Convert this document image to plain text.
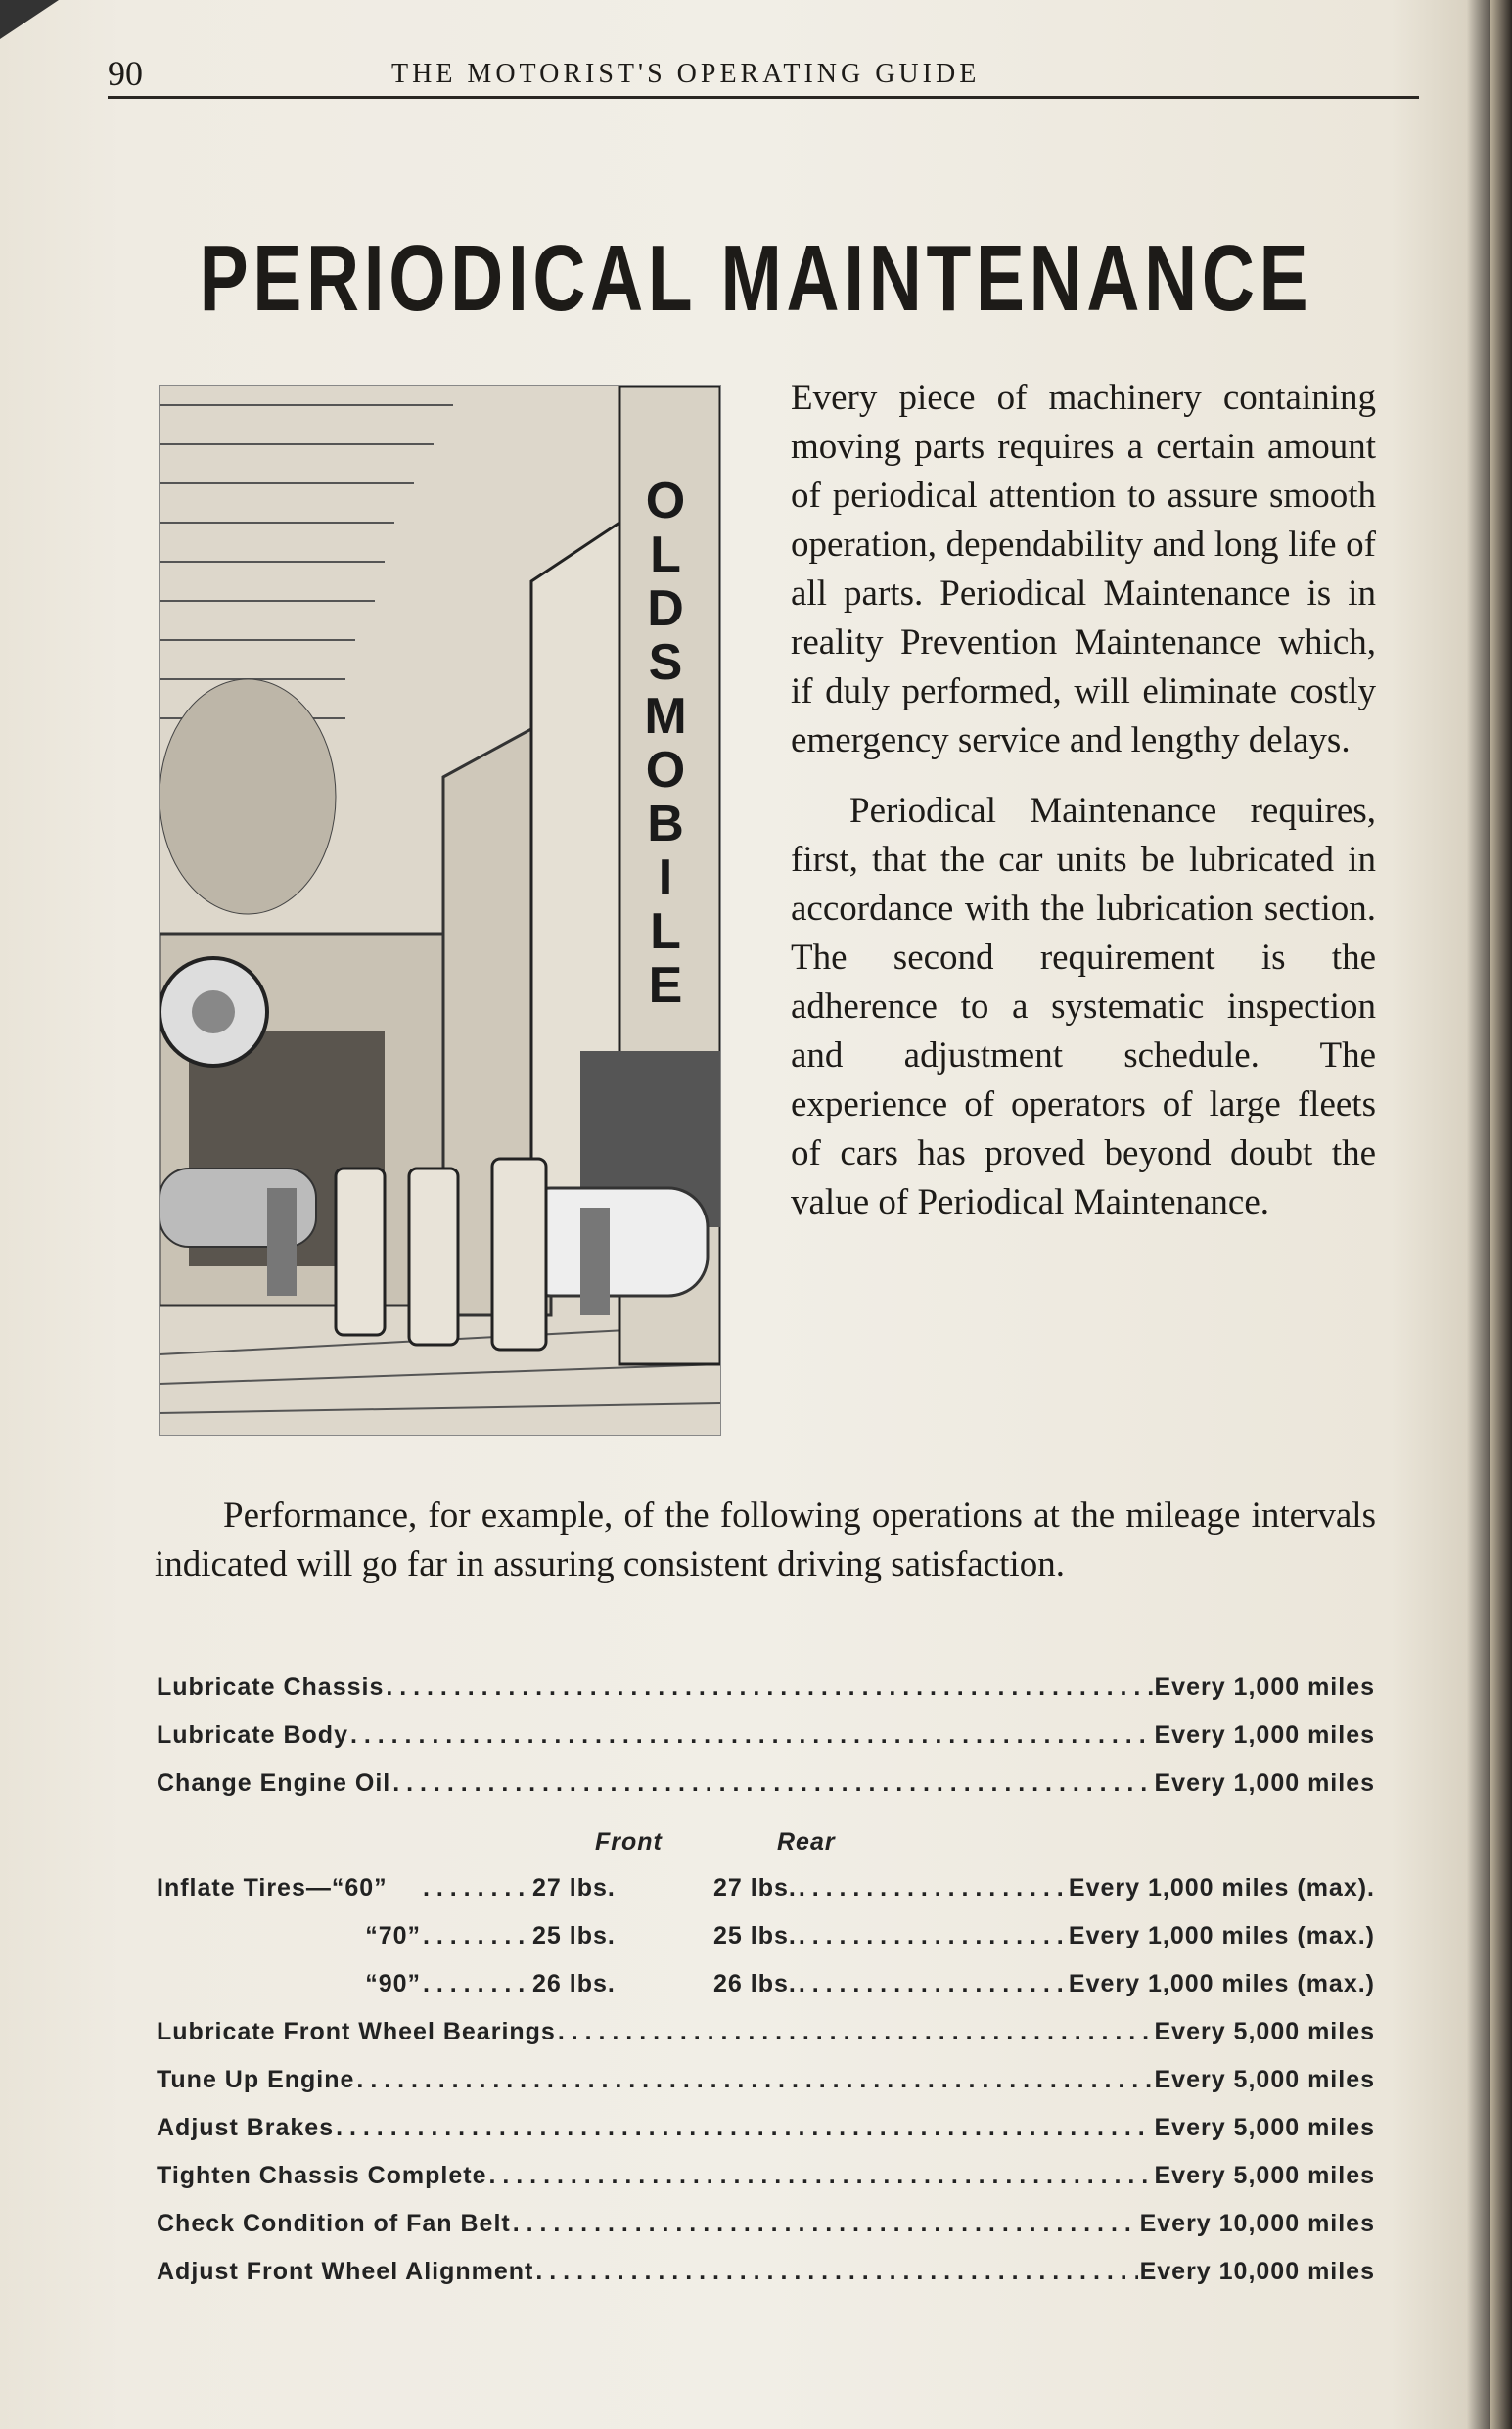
90	THE MOTORIST'S OPERATING GUIDE
PERIODICAL MAINTENANCE
O
L
D
S
M
O
B
I
L
E

Every piece of machinery containing moving parts requires a certain amount of periodical attention to assure smooth operation, dependability and long life of all parts. Periodical Maintenance is in reality Prevention Maintenance which, if duly performed, will eliminate costly emergency service and lengthy delays.

Periodical Maintenance requires, first, that the car units be lubricated in accordance with the lubrication section. The second requirement is the adherence to a systematic inspection and adjustment schedule. The experience of operators of large fleets of cars has proved beyond doubt the value of Periodical Maintenance.

Performance, for example, of the following operations at the mileage intervals indicated will go far in assuring consistent driving satisfaction.

Lubricate Chassis . . .	Every 1,000 miles
Lubricate Body . . .	Every 1,000 miles
Change Engine Oil . . .	Every 1,000 miles
Front	Rear
Inflate Tires—“60” . . .	27 lbs.	27 lbs. . . .	Every 1,000 miles (max).
“70” . . .	25 lbs.	25 lbs. . . .	Every 1,000 miles (max.)
“90” . . .	26 lbs.	26 lbs. . . .	Every 1,000 miles (max.)
Lubricate Front Wheel Bearings . . .	Every 5,000 miles
Tune Up Engine . . .	Every 5,000 miles
Adjust Brakes . . .	Every 5,000 miles
Tighten Chassis Complete . . .	Every 5,000 miles
Check Condition of Fan Belt . . .	Every 10,000 miles
Adjust Front Wheel Alignment . . .	Every 10,000 miles
